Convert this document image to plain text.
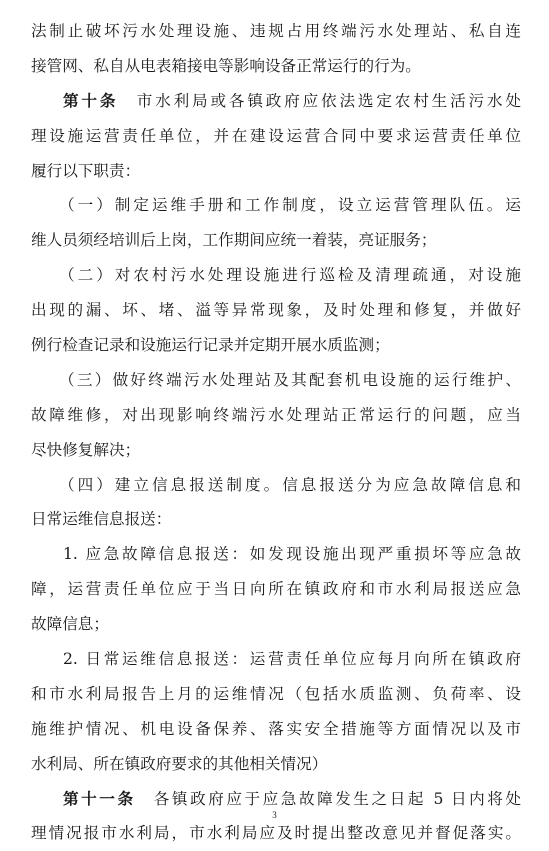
法制止破坏污水处理设施、违规占用终端污水处理站、私自连
接管网、私自从电表箱接电等影响设备正常运行的行为。
第十条　 市水利局或各镇政府应依法选定农村生活污水处
理设施运营责任单位，并在建设运营合同中要求运营责任单位
履行以下职责：
（一）制定运维手册和工作制度，设立运营管理队伍。运
维人员须经培训后上岗，工作期间应统一着装，亮证服务；
（二）对农村污水处理设施进行巡检及清理疏通，对设施
出现的漏、坏、堵、溢等异常现象，及时处理和修复，并做好
例行检查记录和设施运行记录并定期开展水质监测；
（三）做好终端污水处理站及其配套机电设施的运行维护、
故障维修，对出现影响终端污水处理站正常运行的问题，应当
尽快修复解决；
（四）建立信息报送制度。信息报送分为应急故障信息和
日常运维信息报送：
1. 应急故障信息报送：如发现设施出现严重损坏等应急故
障，运营责任单位应于当日向所在镇政府和市水利局报送应急
故障信息；
2. 日常运维信息报送：运营责任单位应每月向所在镇政府
和市水利局报告上月的运维情况（包括水质监测、负荷率、设
施维护情况、机电设备保养、落实安全措施等方面情况以及市
水利局、所在镇政府要求的其他相关情况）
第十一条　 各镇政府应于应急故障发生之日起 5 日内将处
理情况报市水利局，市水利局应及时提出整改意见并督促落实。
3
